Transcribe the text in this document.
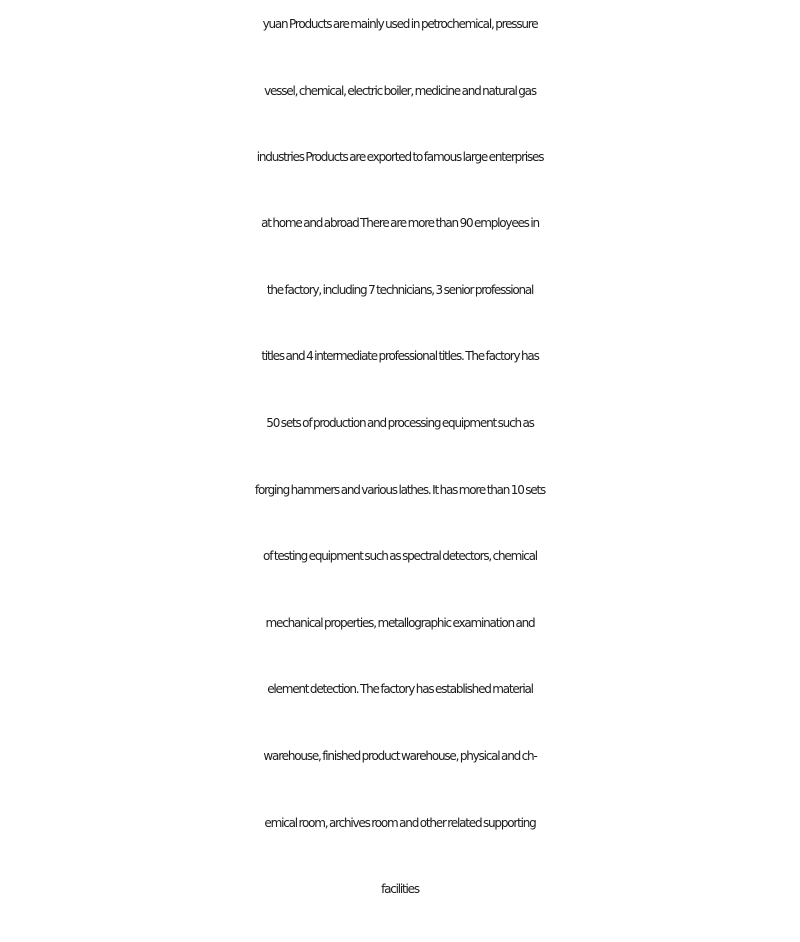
yuan Products are mainly used in petrochemical, pressure
vessel, chemical, electric boiler, medicine and natural gas
industries Products are exported to famous large enterprises
at home and abroad There are more than 90 employees in
the factory, including 7 technicians, 3 senior professional
titles and 4 intermediate professional titles. The factory has
50 sets of production and processing equipment such as
forging hammers and various lathes. It has more than 10 sets
of testing equipment such as spectral detectors, chemical
mechanical properties, metallographic examination and
element detection. The factory has established material
warehouse, finished product warehouse, physical and ch-
emical room, archives room and other related supporting
facilities
